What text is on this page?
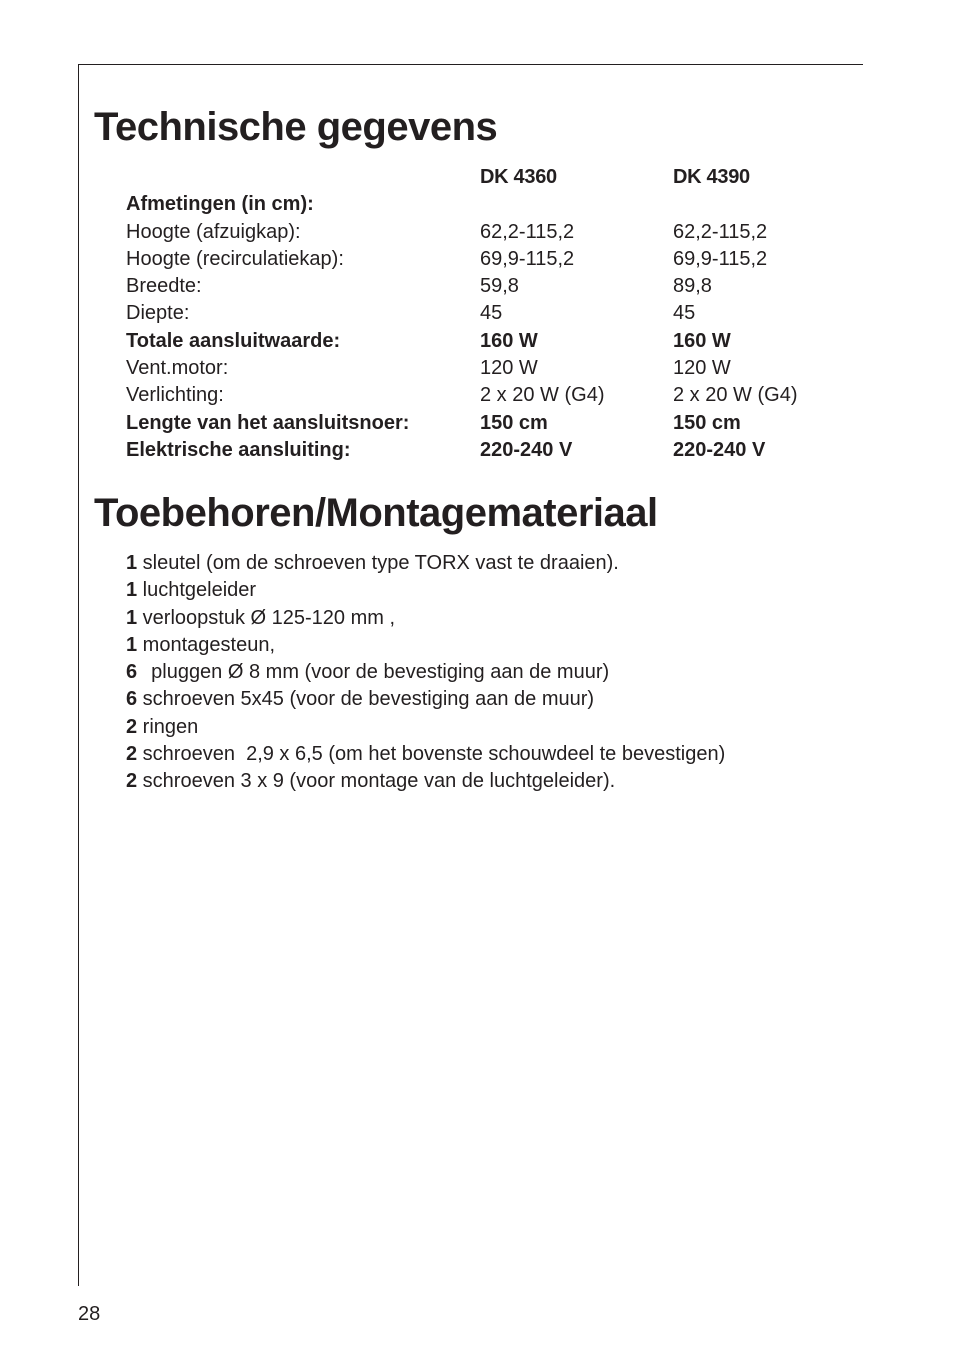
Technische gegevens
DK 4360	DK 4390
Afmetingen (in cm):
Hoogte (afzuigkap):	62,2-115,2	62,2-115,2
Hoogte (recirculatiekap):	69,9-115,2	69,9-115,2
Breedte:	59,8	89,8
Diepte:	45	45
Totale aansluitwaarde:	160 W	160 W
Vent.motor:	120 W	120 W
Verlichting:	2 x 20 W (G4)	2 x 20 W (G4)
Lengte van het aansluitsnoer:	150 cm	150 cm
Elektrische aansluiting:	220-240 V	220-240 V
Toebehoren/Montagemateriaal
1 sleutel (om de schroeven type TORX vast te draaien).
1 luchtgeleider
1 verloopstuk Ø 125-120 mm ,
1 montagesteun,
6 pluggen Ø 8 mm (voor de bevestiging aan de muur)
6 schroeven 5x45 (voor de bevestiging aan de muur)
2 ringen
2 schroeven  2,9 x 6,5 (om het bovenste schouwdeel te bevestigen)
2 schroeven 3 x 9 (voor montage van de luchtgeleider).
28
